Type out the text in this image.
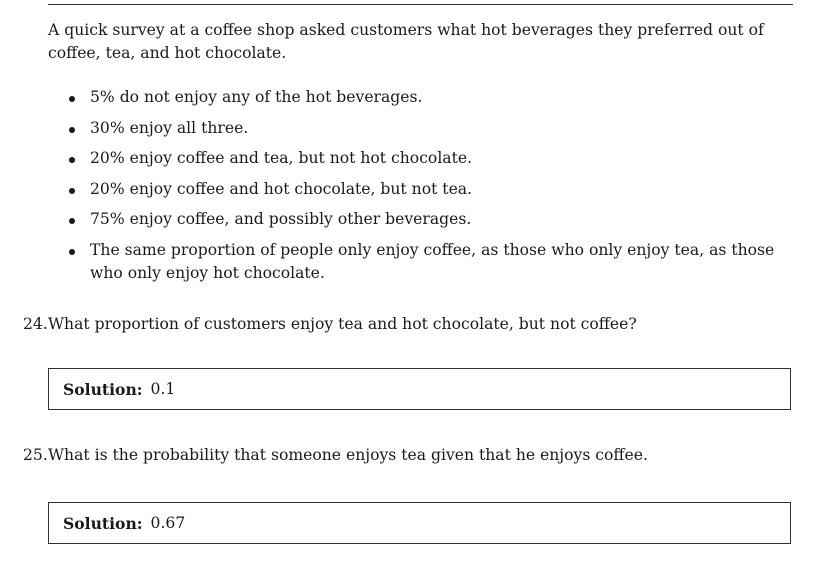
A quick survey at a coffee shop asked customers what hot beverages they preferred out of coffee, tea, and hot chocolate.

5% do not enjoy any of the hot beverages.
30% enjoy all three.
20% enjoy coffee and tea, but not hot chocolate.
20% enjoy coffee and hot chocolate, but not tea.
75% enjoy coffee, and possibly other beverages.
The same proportion of people only enjoy coffee, as those who only enjoy tea, as those who only enjoy hot chocolate.
24.What proportion of customers enjoy tea and hot chocolate, but not coffee?
Solution: 0.1
25.What is the probability that someone enjoys tea given that he enjoys coffee.
Solution: 0.67
